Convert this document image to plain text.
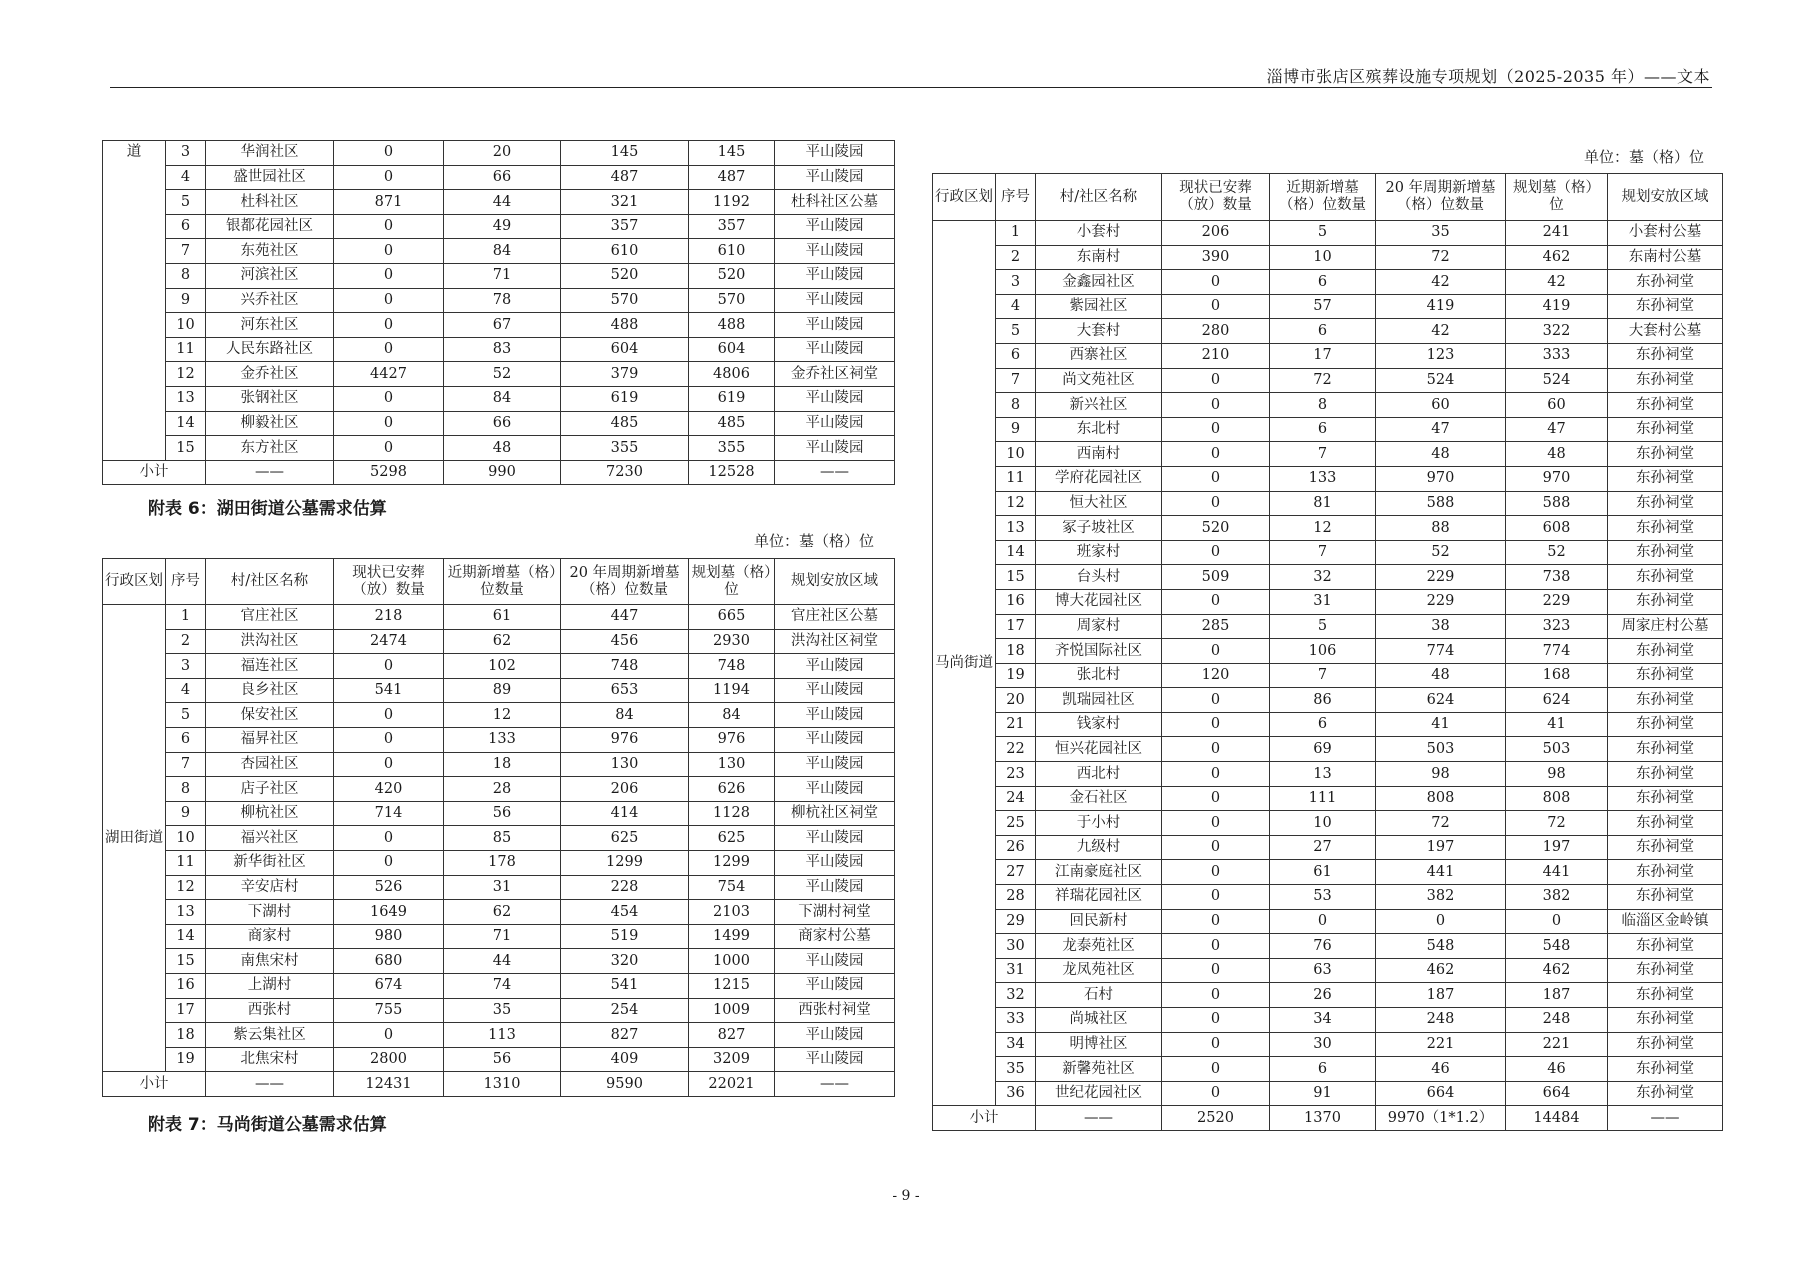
淄博市张店区殡葬设施专项规划（2025-2035 年）——文本
道	3	华润社区	0	20	145	145	平山陵园
	4	盛世园社区	0	66	487	487	平山陵园
	5	杜科社区	871	44	321	1192	杜科社区公墓
	6	银都花园社区	0	49	357	357	平山陵园
	7	东苑社区	0	84	610	610	平山陵园
	8	河滨社区	0	71	520	520	平山陵园
	9	兴乔社区	0	78	570	570	平山陵园
	10	河东社区	0	67	488	488	平山陵园
	11	人民东路社区	0	83	604	604	平山陵园
	12	金乔社区	4427	52	379	4806	金乔社区祠堂
	13	张钢社区	0	84	619	619	平山陵园
	14	柳毅社区	0	66	485	485	平山陵园
	15	东方社区	0	48	355	355	平山陵园
小计		——	5298	990	7230	12528	——
附表 6：湖田街道公墓需求估算
单位：墓（格）位
行政区划	序号	村/社区名称	现状已安葬（放）数量	近期新增墓（格）位数量	20 年周期新增墓（格）位数量	规划墓（格）位	规划安放区域
湖田街道	1	官庄社区	218	61	447	665	官庄社区公墓
	2	洪沟社区	2474	62	456	2930	洪沟社区祠堂
	3	福连社区	0	102	748	748	平山陵园
	4	良乡社区	541	89	653	1194	平山陵园
	5	保安社区	0	12	84	84	平山陵园
	6	福昇社区	0	133	976	976	平山陵园
	7	杏园社区	0	18	130	130	平山陵园
	8	店子社区	420	28	206	626	平山陵园
	9	柳杭社区	714	56	414	1128	柳杭社区祠堂
	10	福兴社区	0	85	625	625	平山陵园
	11	新华街社区	0	178	1299	1299	平山陵园
	12	辛安店村	526	31	228	754	平山陵园
	13	下湖村	1649	62	454	2103	下湖村祠堂
	14	商家村	980	71	519	1499	商家村公墓
	15	南焦宋村	680	44	320	1000	平山陵园
	16	上湖村	674	74	541	1215	平山陵园
	17	西张村	755	35	254	1009	西张村祠堂
	18	紫云集社区	0	113	827	827	平山陵园
	19	北焦宋村	2800	56	409	3209	平山陵园
小计		——	12431	1310	9590	22021	——
附表 7：马尚街道公墓需求估算
单位：墓（格）位
行政区划	序号	村/社区名称	现状已安葬（放）数量	近期新增墓（格）位数量	20 年周期新增墓（格）位数量	规划墓（格）位	规划安放区域
马尚街道	1	小套村	206	5	35	241	小套村公墓
	2	东南村	390	10	72	462	东南村公墓
	3	金鑫园社区	0	6	42	42	东孙祠堂
	4	紫园社区	0	57	419	419	东孙祠堂
	5	大套村	280	6	42	322	大套村公墓
	6	西寨社区	210	17	123	333	东孙祠堂
	7	尚文苑社区	0	72	524	524	东孙祠堂
	8	新兴社区	0	8	60	60	东孙祠堂
	9	东北村	0	6	47	47	东孙祠堂
	10	西南村	0	7	48	48	东孙祠堂
	11	学府花园社区	0	133	970	970	东孙祠堂
	12	恒大社区	0	81	588	588	东孙祠堂
	13	冢子坡社区	520	12	88	608	东孙祠堂
	14	班家村	0	7	52	52	东孙祠堂
	15	台头村	509	32	229	738	东孙祠堂
	16	博大花园社区	0	31	229	229	东孙祠堂
	17	周家村	285	5	38	323	周家庄村公墓
	18	齐悦国际社区	0	106	774	774	东孙祠堂
	19	张北村	120	7	48	168	东孙祠堂
	20	凯瑞园社区	0	86	624	624	东孙祠堂
	21	钱家村	0	6	41	41	东孙祠堂
	22	恒兴花园社区	0	69	503	503	东孙祠堂
	23	西北村	0	13	98	98	东孙祠堂
	24	金石社区	0	111	808	808	东孙祠堂
	25	于小村	0	10	72	72	东孙祠堂
	26	九级村	0	27	197	197	东孙祠堂
	27	江南豪庭社区	0	61	441	441	东孙祠堂
	28	祥瑞花园社区	0	53	382	382	东孙祠堂
	29	回民新村	0	0	0	0	临淄区金岭镇
	30	龙泰苑社区	0	76	548	548	东孙祠堂
	31	龙凤苑社区	0	63	462	462	东孙祠堂
	32	石村	0	26	187	187	东孙祠堂
	33	尚城社区	0	34	248	248	东孙祠堂
	34	明博社区	0	30	221	221	东孙祠堂
	35	新馨苑社区	0	6	46	46	东孙祠堂
	36	世纪花园社区	0	91	664	664	东孙祠堂
小计		——	2520	1370	9970（1*1.2）	14484	——
- 9 -
